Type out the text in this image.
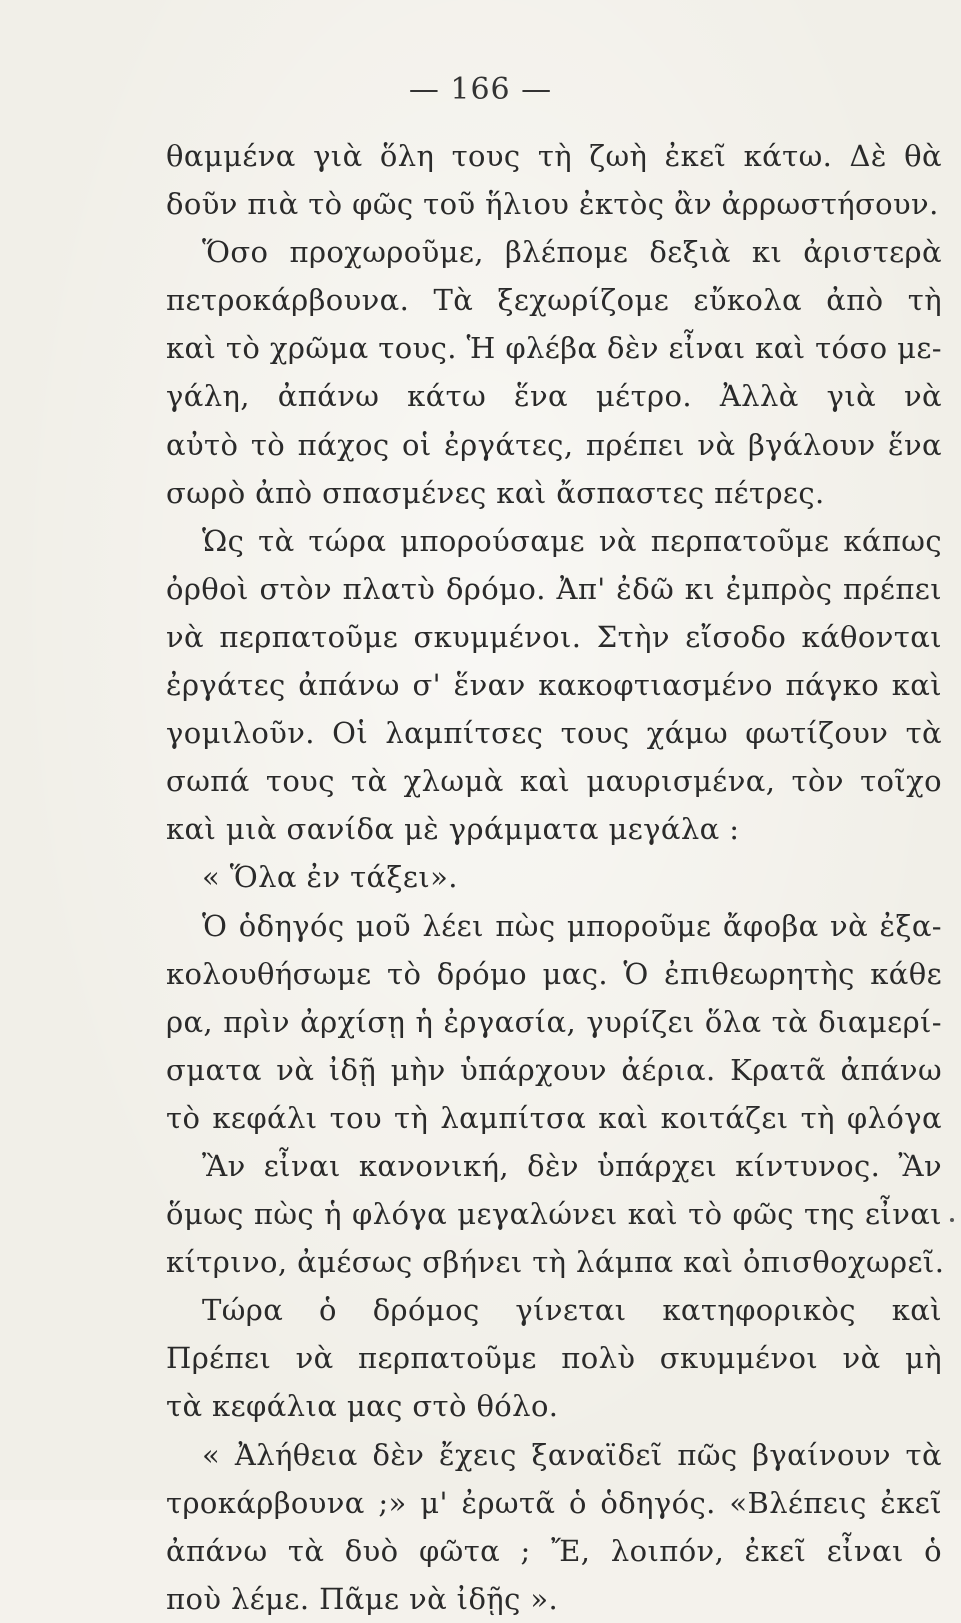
— 166 —
θαμμένα γιὰ ὅλη τους τὴ ζωὴ ἐκεῖ κάτω. Δὲ θὰ
δοῦν πιὰ τὸ φῶς τοῦ ἥλιου ἐκτὸς ἂν ἀρρωστήσουν.
Ὅσο προχωροῦμε, βλέπομε δεξιὰ κι ἀριστερὰ
πετροκάρβουνα. Τὰ ξεχωρίζομε εὔκολα ἀπὸ τὴ
καὶ τὸ χρῶμα τους. Ἡ φλέβα δὲν εἶναι καὶ τόσο με-
γάλη, ἀπάνω κάτω ἕνα μέτρο. Ἀλλὰ γιὰ νὰ
αὐτὸ τὸ πάχος οἱ ἐργάτες, πρέπει νὰ βγάλουν ἕνα
σωρὸ ἀπὸ σπασμένες καὶ ἄσπαστες πέτρες.
Ὡς τὰ τώρα μπορούσαμε νὰ περπατοῦμε κάπως
ὀρθοὶ στὸν πλατὺ δρόμο. Ἀπ' ἐδῶ κι ἐμπρὸς πρέπει
νὰ περπατοῦμε σκυμμένοι. Στὴν εἴσοδο κάθονται
ἐργάτες ἀπάνω σ' ἕναν κακοφτιασμένο πάγκο καὶ
γομιλοῦν. Οἱ λαμπίτσες τους χάμω φωτίζουν τὰ
σωπά τους τὰ χλωμὰ καὶ μαυρισμένα, τὸν τοῖχο
καὶ μιὰ σανίδα μὲ γράμματα μεγάλα :
« Ὅλα ἐν τάξει».
Ὁ ὁδηγός μοῦ λέει πὼς μποροῦμε ἄφοβα νὰ ἐξα-
κολουθήσωμε τὸ δρόμο μας. Ὁ ἐπιθεωρητὴς κάθε
ρα, πρὶν ἀρχίσῃ ἡ ἐργασία, γυρίζει ὅλα τὰ διαμερί-
σματα νὰ ἰδῇ μὴν ὑπάρχουν ἀέρια. Κρατᾶ ἀπάνω
τὸ κεφάλι του τὴ λαμπίτσα καὶ κοιτάζει τὴ φλόγα
Ἂν εἶναι κανονική, δὲν ὑπάρχει κίντυνος. Ἂν
ὅμως πὼς ἡ φλόγα μεγαλώνει καὶ τὸ φῶς της εἶναι
κίτρινο, ἀμέσως σβήνει τὴ λάμπα καὶ ὀπισθοχωρεῖ.
Τώρα ὁ δρόμος γίνεται κατηφορικὸς καὶ
Πρέπει νὰ περπατοῦμε πολὺ σκυμμένοι νὰ μὴ
τὰ κεφάλια μας στὸ θόλο.
« Ἀλήθεια δὲν ἔχεις ξαναϊδεῖ πῶς βγαίνουν τὰ
τροκάρβουνα ;» μ' ἐρωτᾶ ὁ ὁδηγός. «Βλέπεις ἐκεῖ
ἀπάνω τὰ δυὸ φῶτα ; Ἔ, λοιπόν, ἐκεῖ εἶναι ὁ
ποὺ λέμε. Πᾶμε νὰ ἰδῇς ».
